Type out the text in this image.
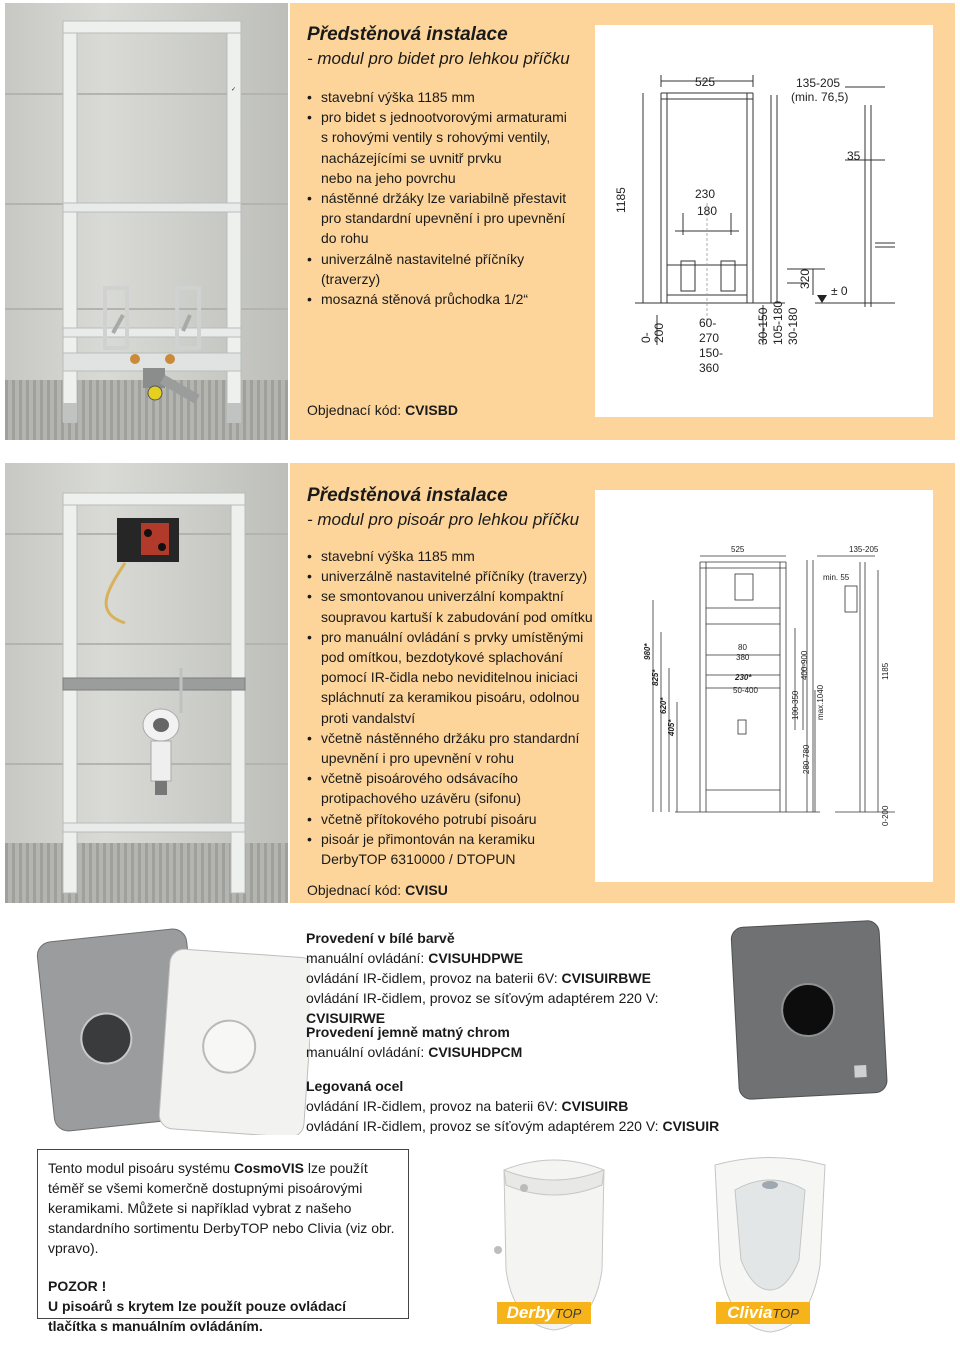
✓
Předstěnová instalace
- modul pro bidet pro lehkou příčku
• stavební výška 1185 mm
• pro bidet s jednootvorovými armaturami
s rohovými ventily s rohovými ventily,
nacházejícími se uvnitř prvku
nebo na jeho povrchu
• nástěnné držáky lze variabilně přestavit
pro standardní upevnění i pro upevnění
do rohu
• univerzálně nastavitelné příčníky
(traverzy)
• mosazná stěnová průchodka 1/2“
Objednací kód: CVISBD
525	135-205
(min. 76,5)
35
1185	230
180
320
± 0
0- 200	60-
270
150-
360
30-150 105-180 30-180
Předstěnová instalace
- modul pro pisoár pro lehkou příčku
• stavební výška 1185 mm
• univerzálně nastavitelné příčníky (traverzy)
• se smontovanou univerzální kompaktní
soupravou kartuší k zabudování pod omítku
• pro manuální ovládání s prvky umístěnými
pod omítkou, bezdotykové splachování
pomocí IR-čidla nebo neviditelnou iniciaci
spláchnutí za keramikou pisoáru, odolnou
proti vandalství
• včetně nástěnného držáku pro standardní
upevnění i pro upevnění v rohu
• včetně pisoárového odsávacího
protipachového uzávěru (sifonu)
• včetně přítokového potrubí pisoáru
• pisoár je přimontován na keramiku
DerbyTOP 6310000 / DTOPUN
Objednací kód: CVISU
525	135-205
min. 55
80
380
230*
50-400
980*
825*
620*
405*
100-350
400-900
max.1040
280-780
1185
0-200
Provedení v bílé barvě
manuální ovládání: CVISUHDPWE
ovládání IR-čidlem, provoz na baterii 6V: CVISUIRBWE
ovládání IR-čidlem, provoz se síťovým adaptérem 220 V: CVISUIRWE
Provedení jemně matný chrom
manuální ovládání: CVISUHDPCM
Legovaná ocel
ovládání IR-čidlem, provoz na baterii 6V: CVISUIRB
ovládání IR-čidlem, provoz se síťovým adaptérem 220 V: CVISUIR
Tento modul pisoáru systému CosmoVIS lze použít téměř se všemi komerčně dostupnými pisoárovými keramikami. Můžete si například vybrat z našeho standardního sortimentu DerbyTOP nebo Clivia (viz obr. vpravo).
POZOR !
U pisoárů s krytem lze použít pouze ovládací tlačítka s manuálním ovládáním.
DerbyTOP	CliviaTOP
